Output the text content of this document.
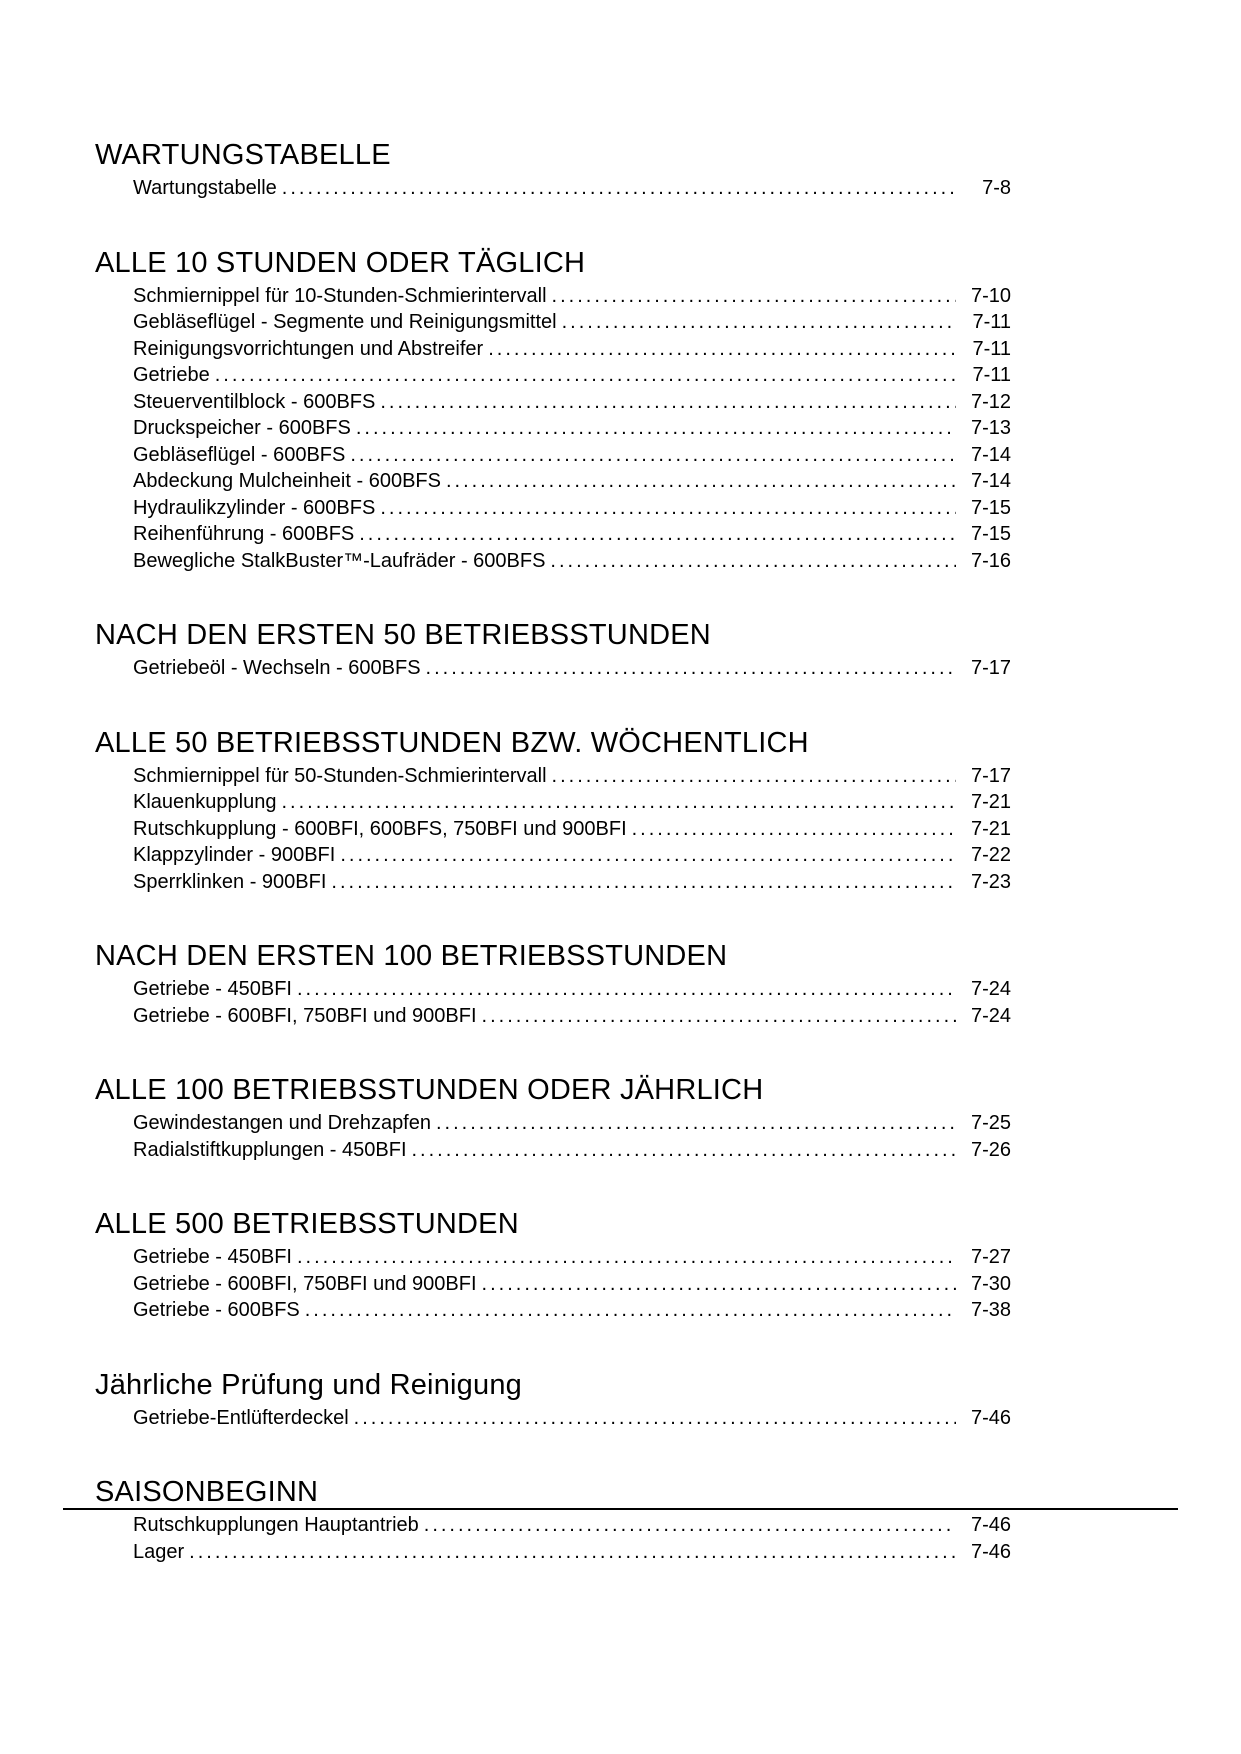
WARTUNGSTABELLE
Wartungstabelle .....	7-8
ALLE 10 STUNDEN ODER TÄGLICH
Schmiernippel für 10-Stunden-Schmierintervall .....	7-10
Gebläseflügel - Segmente und Reinigungsmittel .....	7-11
Reinigungsvorrichtungen und Abstreifer .....	7-11
Getriebe .....	7-11
Steuerventilblock - 600BFS .....	7-12
Druckspeicher - 600BFS .....	7-13
Gebläseflügel - 600BFS .....	7-14
Abdeckung Mulcheinheit - 600BFS .....	7-14
Hydraulikzylinder - 600BFS .....	7-15
Reihenführung - 600BFS .....	7-15
Bewegliche StalkBuster™-Laufräder - 600BFS .....	7-16
NACH DEN ERSTEN 50 BETRIEBSSTUNDEN
Getriebeöl - Wechseln - 600BFS .....	7-17
ALLE 50 BETRIEBSSTUNDEN BZW. WÖCHENTLICH
Schmiernippel für 50-Stunden-Schmierintervall .....	7-17
Klauenkupplung .....	7-21
Rutschkupplung - 600BFI, 600BFS, 750BFI und 900BFI .....	7-21
Klappzylinder - 900BFI .....	7-22
Sperrklinken - 900BFI .....	7-23
NACH DEN ERSTEN 100 BETRIEBSSTUNDEN
Getriebe - 450BFI .....	7-24
Getriebe - 600BFI, 750BFI und 900BFI .....	7-24
ALLE 100 BETRIEBSSTUNDEN ODER JÄHRLICH
Gewindestangen und Drehzapfen .....	7-25
Radialstiftkupplungen - 450BFI .....	7-26
ALLE 500 BETRIEBSSTUNDEN
Getriebe - 450BFI .....	7-27
Getriebe - 600BFI, 750BFI und 900BFI .....	7-30
Getriebe - 600BFS .....	7-38
Jährliche Prüfung und Reinigung
Getriebe-Entlüfterdeckel .....	7-46
SAISONBEGINN
Rutschkupplungen Hauptantrieb .....	7-46
Lager .....	7-46
